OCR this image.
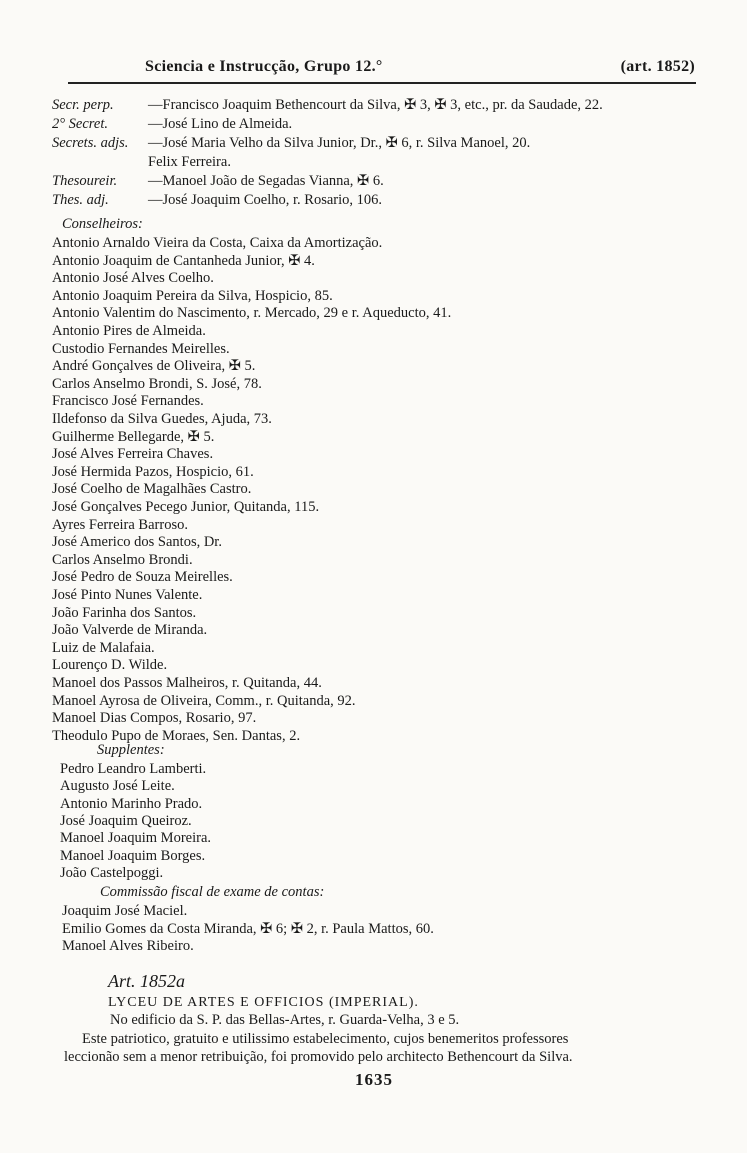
Sciencia e Instrucção, Grupo 12.°	(art. 1852)
Secr. perp. —Francisco Joaquim Bethencourt da Silva, ✠ 3, ✠ 3, etc., pr. da Saudade, 22.
2° Secret.	—José Lino de Almeida.
Secrets. adjs. —José Maria Velho da Silva Junior, Dr., ✠ 6, r. Silva Manoel, 20.
Felix Ferreira.
Thesoureir. —Manoel João de Segadas Vianna, ✠ 6.
Thes. adj.	—José Joaquim Coelho, r. Rosario, 106.
Conselheiros:
Antonio Arnaldo Vieira da Costa, Caixa da Amortização.
Antonio Joaquim de Cantanheda Junior, ✠ 4.
Antonio José Alves Coelho.
Antonio Joaquim Pereira da Silva, Hospicio, 85.
Antonio Valentim do Nascimento, r. Mercado, 29 e r. Aqueducto, 41.
Antonio Pires de Almeida.
Custodio Fernandes Meirelles.
André Gonçalves de Oliveira, ✠ 5.
Carlos Anselmo Brondi, S. José, 78.
Francisco José Fernandes.
Ildefonso da Silva Guedes, Ajuda, 73.
Guilherme Bellegarde, ✠ 5.
José Alves Ferreira Chaves.
José Hermida Pazos, Hospicio, 61.
José Coelho de Magalhães Castro.
José Gonçalves Pecego Junior, Quitanda, 115.
Ayres Ferreira Barroso.
José Americo dos Santos, Dr.
Carlos Anselmo Brondi.
José Pedro de Souza Meirelles.
José Pinto Nunes Valente.
João Farinha dos Santos.
João Valverde de Miranda.
Luiz de Malafaia.
Lourenço D. Wilde.
Manoel dos Passos Malheiros, r. Quitanda, 44.
Manoel Ayrosa de Oliveira, Comm., r. Quitanda, 92.
Manoel Dias Compos, Rosario, 97.
Theodulo Pupo de Moraes, Sen. Dantas, 2.
Supplentes:
Pedro Leandro Lamberti.
Augusto José Leite.
Antonio Marinho Prado.
José Joaquim Queiroz.
Manoel Joaquim Moreira.
Manoel Joaquim Borges.
João Castelpoggi.
Commissão fiscal de exame de contas:
Joaquim José Maciel.
Emilio Gomes da Costa Miranda, ✠ 6; ✠ 2, r. Paula Mattos, 60.
Manoel Alves Ribeiro.
Art. 1852a
LYCEU DE ARTES E OFFICIOS (IMPERIAL).
No edificio da S. P. das Bellas-Artes, r. Guarda-Velha, 3 e 5.
Este patriotico, gratuito e utilissimo estabelecimento, cujos benemeritos professores
leccionão sem a menor retribuição, foi promovido pelo architecto Bethencourt da Silva.
1635
